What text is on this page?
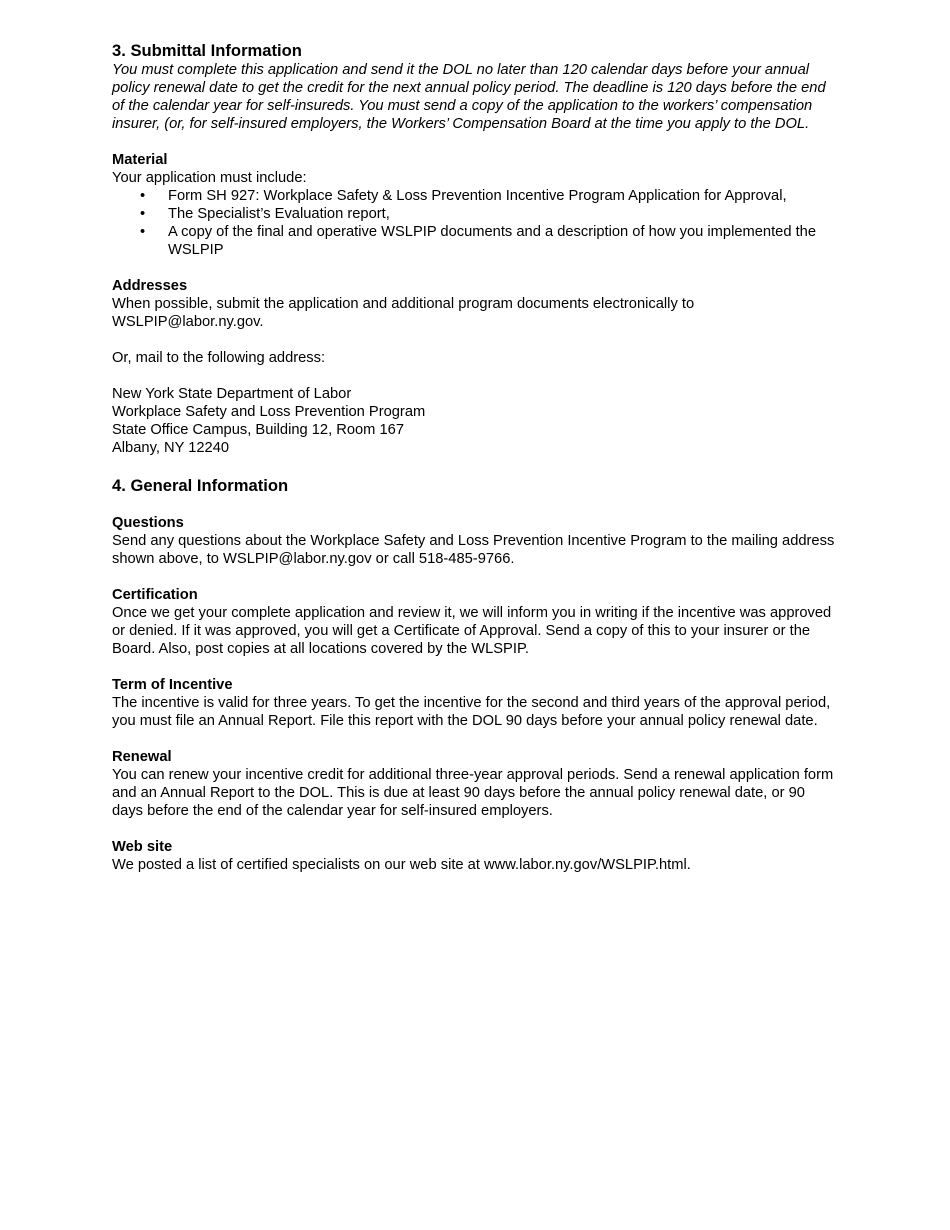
3. Submittal Information

You must complete this application and send it the DOL no later than 120 calendar days before your annual policy renewal date to get the credit for the next annual policy period. The deadline is 120 days before the end of the calendar year for self-insureds. You must send a copy of the application to the workers’ compensation insurer, (or, for self-insured employers, the Workers’ Compensation Board at the time you apply to the DOL.

Material

Your application must include:

• Form SH 927: Workplace Safety & Loss Prevention Incentive Program Application for Approval,
• The Specialist’s Evaluation report,
• A copy of the final and operative WSLPIP documents and a description of how you implemented the WSLPIP

Addresses

When possible, submit the application and additional program documents electronically to WSLPIP@labor.ny.gov.

Or, mail to the following address:

New York State Department of Labor
Workplace Safety and Loss Prevention Program
State Office Campus, Building 12, Room 167
Albany, NY 12240
4. General Information

Questions

Send any questions about the Workplace Safety and Loss Prevention Incentive Program to the mailing address shown above, to WSLPIP@labor.ny.gov or call 518-485-9766.

Certification

Once we get your complete application and review it, we will inform you in writing if the incentive was approved or denied. If it was approved, you will get a Certificate of Approval. Send a copy of this to your insurer or the Board. Also, post copies at all locations covered by the WLSPIP.

Term of Incentive

The incentive is valid for three years. To get the incentive for the second and third years of the approval period, you must file an Annual Report. File this report with the DOL 90 days before your annual policy renewal date.

Renewal

You can renew your incentive credit for additional three-year approval periods. Send a renewal application form and an Annual Report to the DOL. This is due at least 90 days before the annual policy renewal date, or 90 days before the end of the calendar year for self-insured employers.

Web site

We posted a list of certified specialists on our web site at www.labor.ny.gov/WSLPIP.html.
